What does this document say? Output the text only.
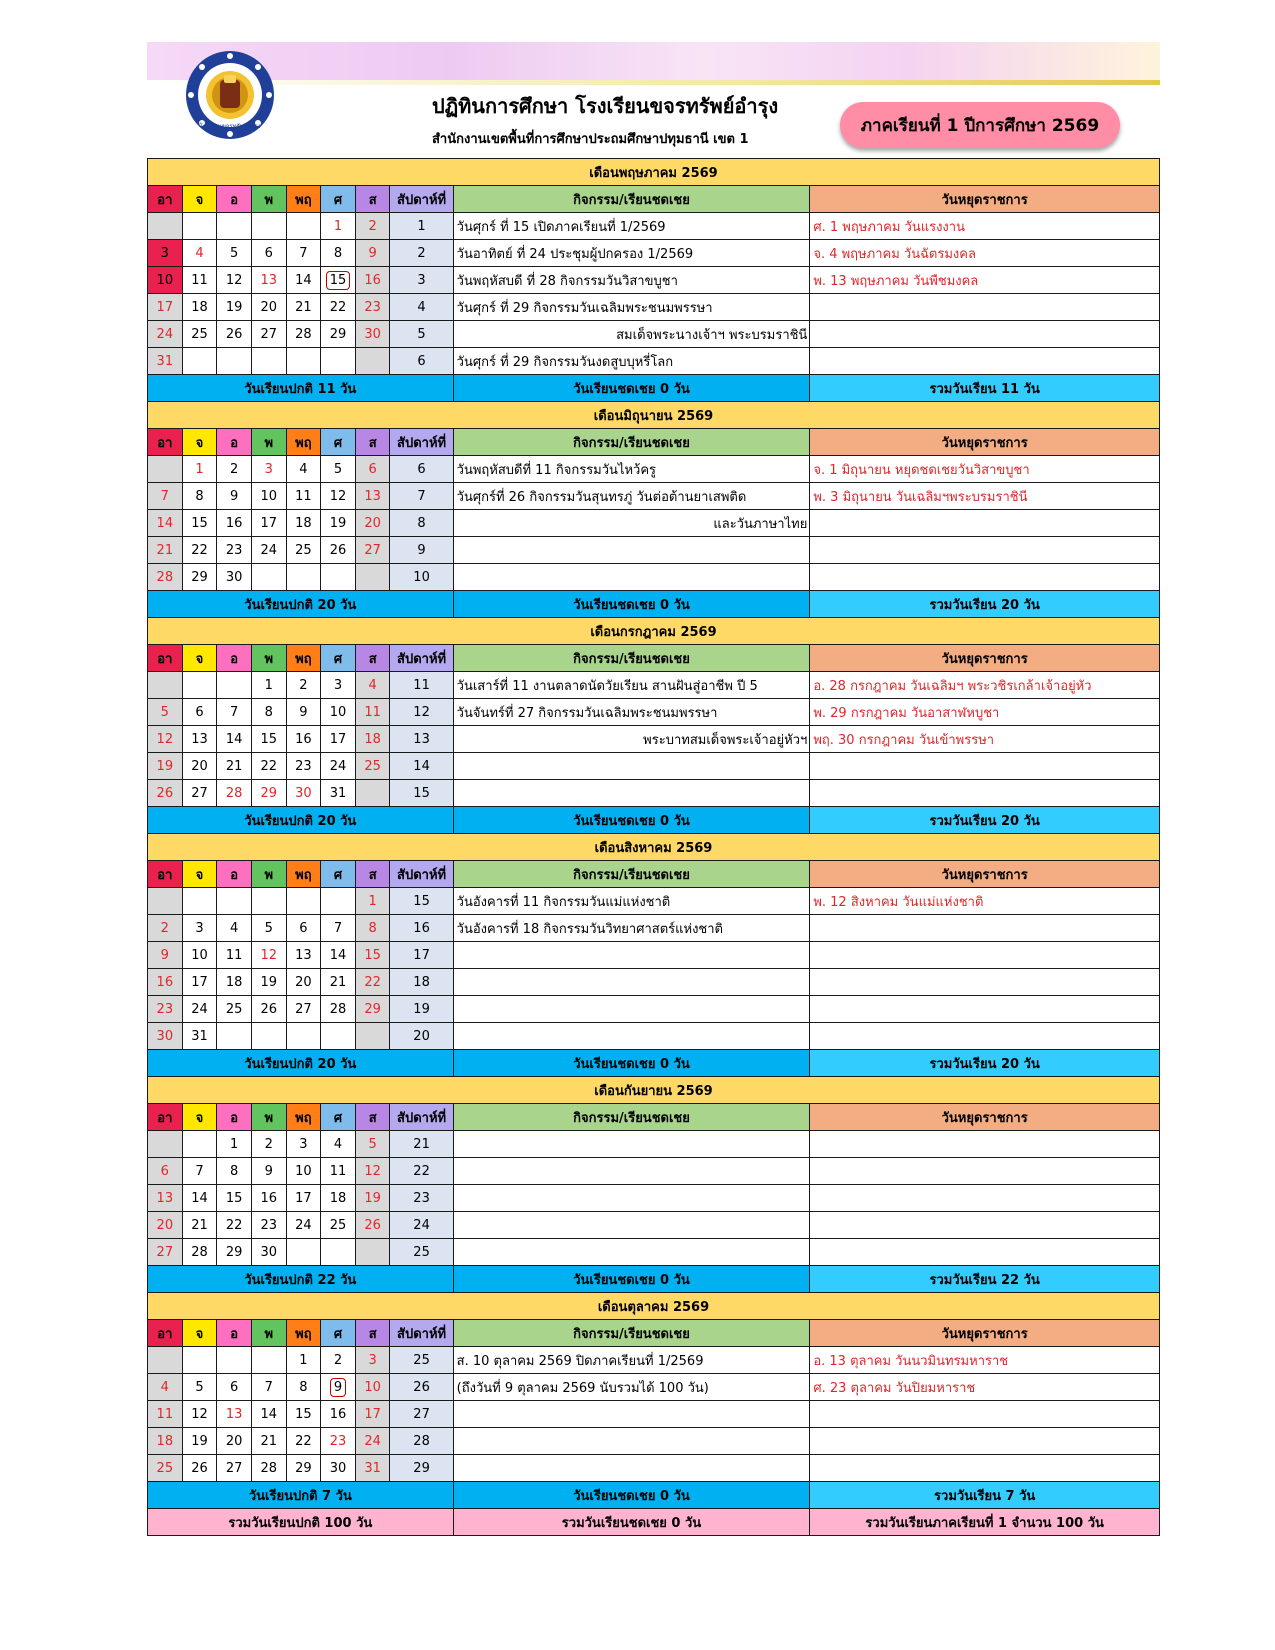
โรงเรียนขจรทรัพย์อำรุง
ปฏิทินการศึกษา โรงเรียนขจรทรัพย์อำรุง
สำนักงานเขตพื้นที่การศึกษาประถมศึกษาปทุมธานี เขต 1
ภาคเรียนที่ 1 ปีการศึกษา 2569
เดือนพฤษภาคม 2569									
อา	จ	อ	พ	พฤ	ศ	ส	สัปดาห์ที่	กิจกรรม/เรียนชดเชย	วันหยุดราชการ
					1	2	1	วันศุกร์ ที่ 15 เปิดภาคเรียนที่ 1/2569	ศ. 1 พฤษภาคม วันแรงงาน
3	4	5	6	7	8	9	2	วันอาทิตย์ ที่ 24 ประชุมผู้ปกครอง 1/2569	จ. 4 พฤษภาคม วันฉัตรมงคล
10	11	12	13	14	15	16	3	วันพฤหัสบดี ที่ 28 กิจกรรมวันวิสาขบูชา	พ. 13 พฤษภาคม วันพืชมงคล
17	18	19	20	21	22	23	4	วันศุกร์ ที่ 29 กิจกรรมวันเฉลิมพระชนมพรรษา	
24	25	26	27	28	29	30	5	สมเด็จพระนางเจ้าฯ พระบรมราชินี	
31							6	วันศุกร์ ที่ 29 กิจกรรมวันงดสูบบุหรี่โลก	
วันเรียนปกติ 11 วัน								วันเรียนชดเชย 0 วัน	รวมวันเรียน 11 วัน
เดือนมิถุนายน 2569									
อา	จ	อ	พ	พฤ	ศ	ส	สัปดาห์ที่	กิจกรรม/เรียนชดเชย	วันหยุดราชการ
	1	2	3	4	5	6	6	วันพฤหัสบดีที่ 11 กิจกรรมวันไหว้ครู	จ. 1 มิถุนายน หยุดชดเชยวันวิสาขบูชา
7	8	9	10	11	12	13	7	วันศุกร์ที่ 26 กิจกรรมวันสุนทรภู่ วันต่อต้านยาเสพติด	พ. 3 มิถุนายน วันเฉลิมฯพระบรมราชินี
14	15	16	17	18	19	20	8	และวันภาษาไทย	
21	22	23	24	25	26	27	9		
28	29	30					10		
วันเรียนปกติ 20 วัน								วันเรียนชดเชย 0 วัน	รวมวันเรียน 20 วัน
เดือนกรกฎาคม 2569									
อา	จ	อ	พ	พฤ	ศ	ส	สัปดาห์ที่	กิจกรรม/เรียนชดเชย	วันหยุดราชการ
			1	2	3	4	11	วันเสาร์ที่ 11 งานตลาดนัดวัยเรียน สานฝันสู่อาชีพ ปี 5	อ. 28 กรกฎาคม วันเฉลิมฯ พระวชิรเกล้าเจ้าอยู่หัว
5	6	7	8	9	10	11	12	วันจันทร์ที่ 27 กิจกรรมวันเฉลิมพระชนมพรรษา	พ. 29 กรกฎาคม วันอาสาฬหบูชา
12	13	14	15	16	17	18	13	พระบาทสมเด็จพระเจ้าอยู่หัวฯ	พฤ. 30 กรกฎาคม วันเข้าพรรษา
19	20	21	22	23	24	25	14		
26	27	28	29	30	31		15		
วันเรียนปกติ 20 วัน								วันเรียนชดเชย 0 วัน	รวมวันเรียน 20 วัน
เดือนสิงหาคม 2569									
อา	จ	อ	พ	พฤ	ศ	ส	สัปดาห์ที่	กิจกรรม/เรียนชดเชย	วันหยุดราชการ
						1	15	วันอังคารที่ 11 กิจกรรมวันแม่แห่งชาติ	พ. 12 สิงหาคม วันแม่แห่งชาติ
2	3	4	5	6	7	8	16	วันอังคารที่ 18 กิจกรรมวันวิทยาศาสตร์แห่งชาติ	
9	10	11	12	13	14	15	17		
16	17	18	19	20	21	22	18		
23	24	25	26	27	28	29	19		
30	31						20		
วันเรียนปกติ 20 วัน								วันเรียนชดเชย 0 วัน	รวมวันเรียน 20 วัน
เดือนกันยายน 2569									
อา	จ	อ	พ	พฤ	ศ	ส	สัปดาห์ที่	กิจกรรม/เรียนชดเชย	วันหยุดราชการ
		1	2	3	4	5	21		
6	7	8	9	10	11	12	22		
13	14	15	16	17	18	19	23		
20	21	22	23	24	25	26	24		
27	28	29	30				25		
วันเรียนปกติ 22 วัน								วันเรียนชดเชย 0 วัน	รวมวันเรียน 22 วัน
เดือนตุลาคม 2569									
อา	จ	อ	พ	พฤ	ศ	ส	สัปดาห์ที่	กิจกรรม/เรียนชดเชย	วันหยุดราชการ
				1	2	3	25	ส. 10 ตุลาคม 2569 ปิดภาคเรียนที่ 1/2569	อ. 13 ตุลาคม วันนวมินทรมหาราช
4	5	6	7	8	9	10	26	(ถึงวันที่ 9 ตุลาคม 2569 นับรวมได้ 100 วัน)	ศ. 23 ตุลาคม วันปิยมหาราช
11	12	13	14	15	16	17	27		
18	19	20	21	22	23	24	28		
25	26	27	28	29	30	31	29		
วันเรียนปกติ 7 วัน								วันเรียนชดเชย 0 วัน	รวมวันเรียน 7 วัน
รวมวันเรียนปกติ 100 วัน								รวมวันเรียนชดเชย 0 วัน	รวมวันเรียนภาคเรียนที่ 1 จำนวน 100 วัน
